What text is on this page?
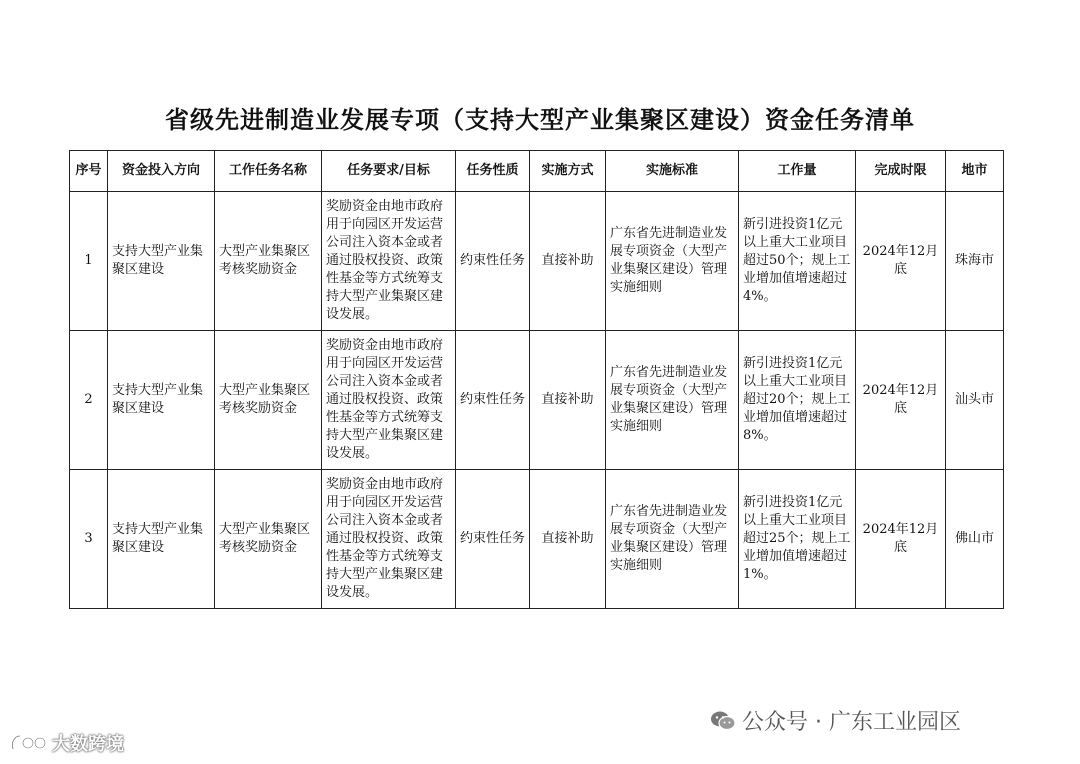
省级先进制造业发展专项（支持大型产业集聚区建设）资金任务清单
序号	资金投入方向	工作任务名称	任务要求/目标	任务性质	实施方式	实施标准	工作量	完成时限	地市
1	支持大型产业集聚区建设	大型产业集聚区考核奖励资金	奖励资金由地市政府用于向园区开发运营公司注入资本金或者通过股权投资、政策性基金等方式统筹支持大型产业集聚区建设发展。	约束性任务	直接补助	广东省先进制造业发展专项资金（大型产业集聚区建设）管理实施细则	新引进投资1亿元以上重大工业项目超过50个；规上工业增加值增速超过4%。	2024年12月底	珠海市
2	支持大型产业集聚区建设	大型产业集聚区考核奖励资金	奖励资金由地市政府用于向园区开发运营公司注入资本金或者通过股权投资、政策性基金等方式统筹支持大型产业集聚区建设发展。	约束性任务	直接补助	广东省先进制造业发展专项资金（大型产业集聚区建设）管理实施细则	新引进投资1亿元以上重大工业项目超过20个；规上工业增加值增速超过8%。	2024年12月底	汕头市
3	支持大型产业集聚区建设	大型产业集聚区考核奖励资金	奖励资金由地市政府用于向园区开发运营公司注入资本金或者通过股权投资、政策性基金等方式统筹支持大型产业集聚区建设发展。	约束性任务	直接补助	广东省先进制造业发展专项资金（大型产业集聚区建设）管理实施细则	新引进投资1亿元以上重大工业项目超过25个；规上工业增加值增速超过1%。	2024年12月底	佛山市
公众号 · 广东工业园区
大数跨境
